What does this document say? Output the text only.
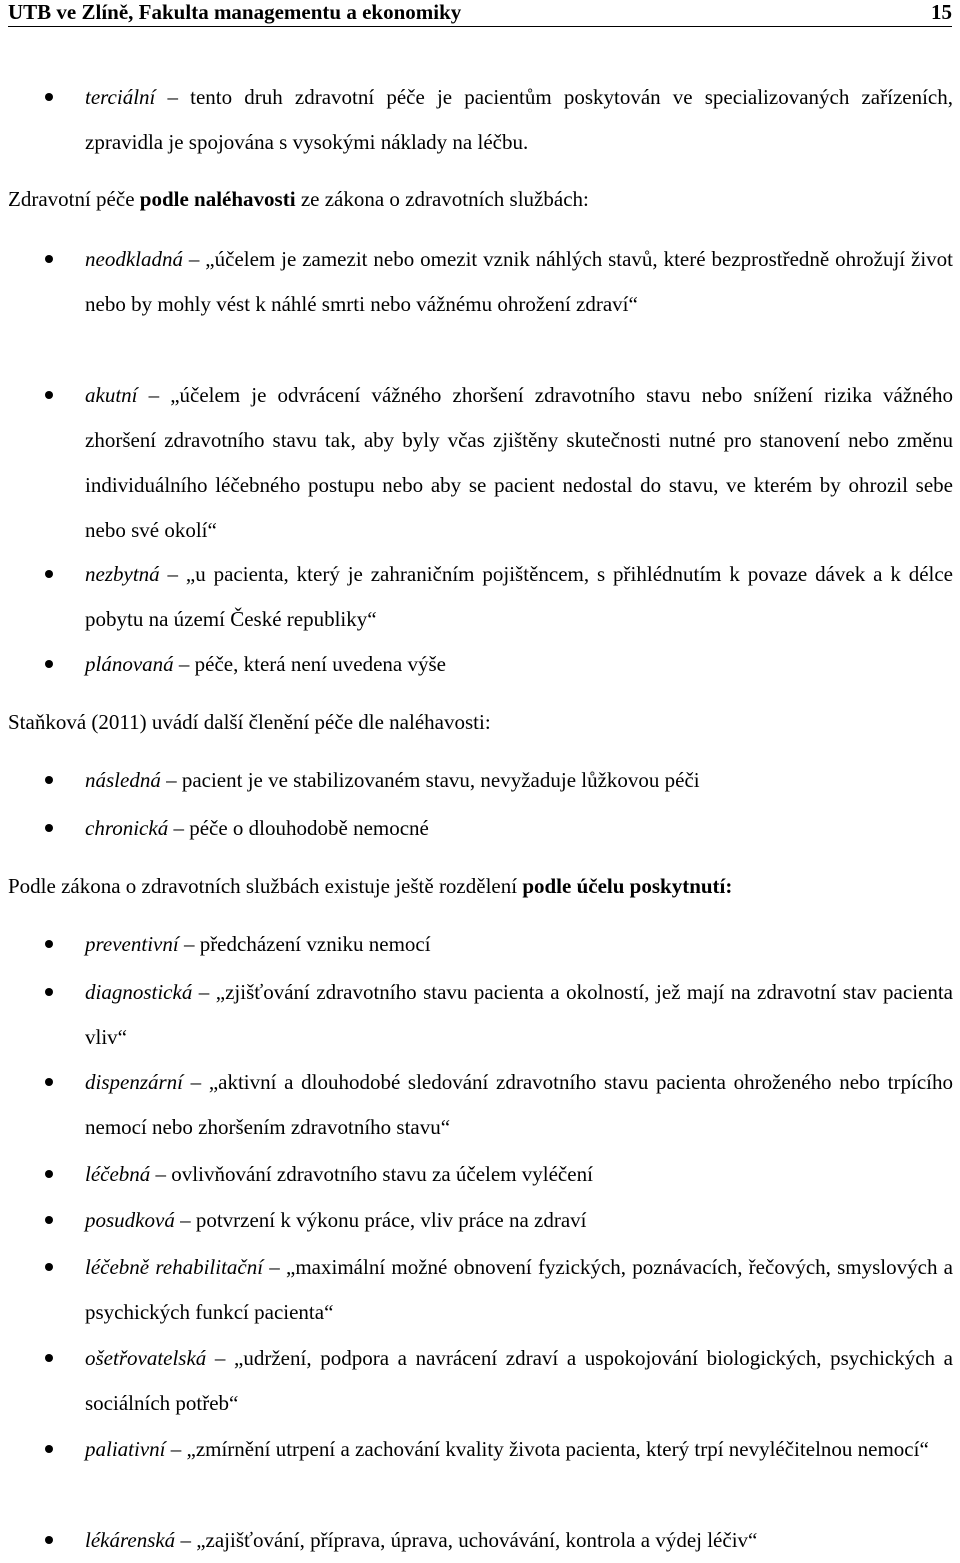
UTB ve Zlíně, Fakulta managementu a ekonomiky	15

terciální – tento druh zdravotní péče je pacientům poskytován ve specializovaných zařízeních, zpravidla je spojována s vysokými náklady na léčbu.

Zdravotní péče podle naléhavosti ze zákona o zdravotních službách:

neodkladná – „účelem je zamezit nebo omezit vznik náhlých stavů, které bezprostředně ohrožují život nebo by mohly vést k náhlé smrti nebo vážnému ohrožení zdraví“

akutní – „účelem je odvrácení vážného zhoršení zdravotního stavu nebo snížení rizika vážného zhoršení zdravotního stavu tak, aby byly včas zjištěny skutečnosti nutné pro stanovení nebo změnu individuálního léčebného postupu nebo aby se pacient nedostal do stavu, ve kterém by ohrozil sebe nebo své okolí“

nezbytná – „u pacienta, který je zahraničním pojištěncem, s přihlédnutím k povaze dávek a k délce pobytu na území České republiky“

plánovaná – péče, která není uvedena výše

Staňková (2011) uvádí další členění péče dle naléhavosti:

následná – pacient je ve stabilizovaném stavu, nevyžaduje lůžkovou péči

chronická – péče o dlouhodobě nemocné

Podle zákona o zdravotních službách existuje ještě rozdělení podle účelu poskytnutí:

preventivní – předcházení vzniku nemocí

diagnostická – „zjišťování zdravotního stavu pacienta a okolností, jež mají na zdravotní stav pacienta vliv“

dispenzární – „aktivní a dlouhodobé sledování zdravotního stavu pacienta ohroženého nebo trpícího nemocí nebo zhoršením zdravotního stavu“

léčebná – ovlivňování zdravotního stavu za účelem vyléčení

posudková – potvrzení k výkonu práce, vliv práce na zdraví

léčebně rehabilitační – „maximální možné obnovení fyzických, poznávacích, řečových, smyslových a psychických funkcí pacienta“

ošetřovatelská – „udržení, podpora a navrácení zdraví a uspokojování biologických, psychických a sociálních potřeb“

paliativní – „zmírnění utrpení a zachování kvality života pacienta, který trpí nevyléčitelnou nemocí“

lékárenská – „zajišťování, příprava, úprava, uchovávání, kontrola a výdej léčiv“
